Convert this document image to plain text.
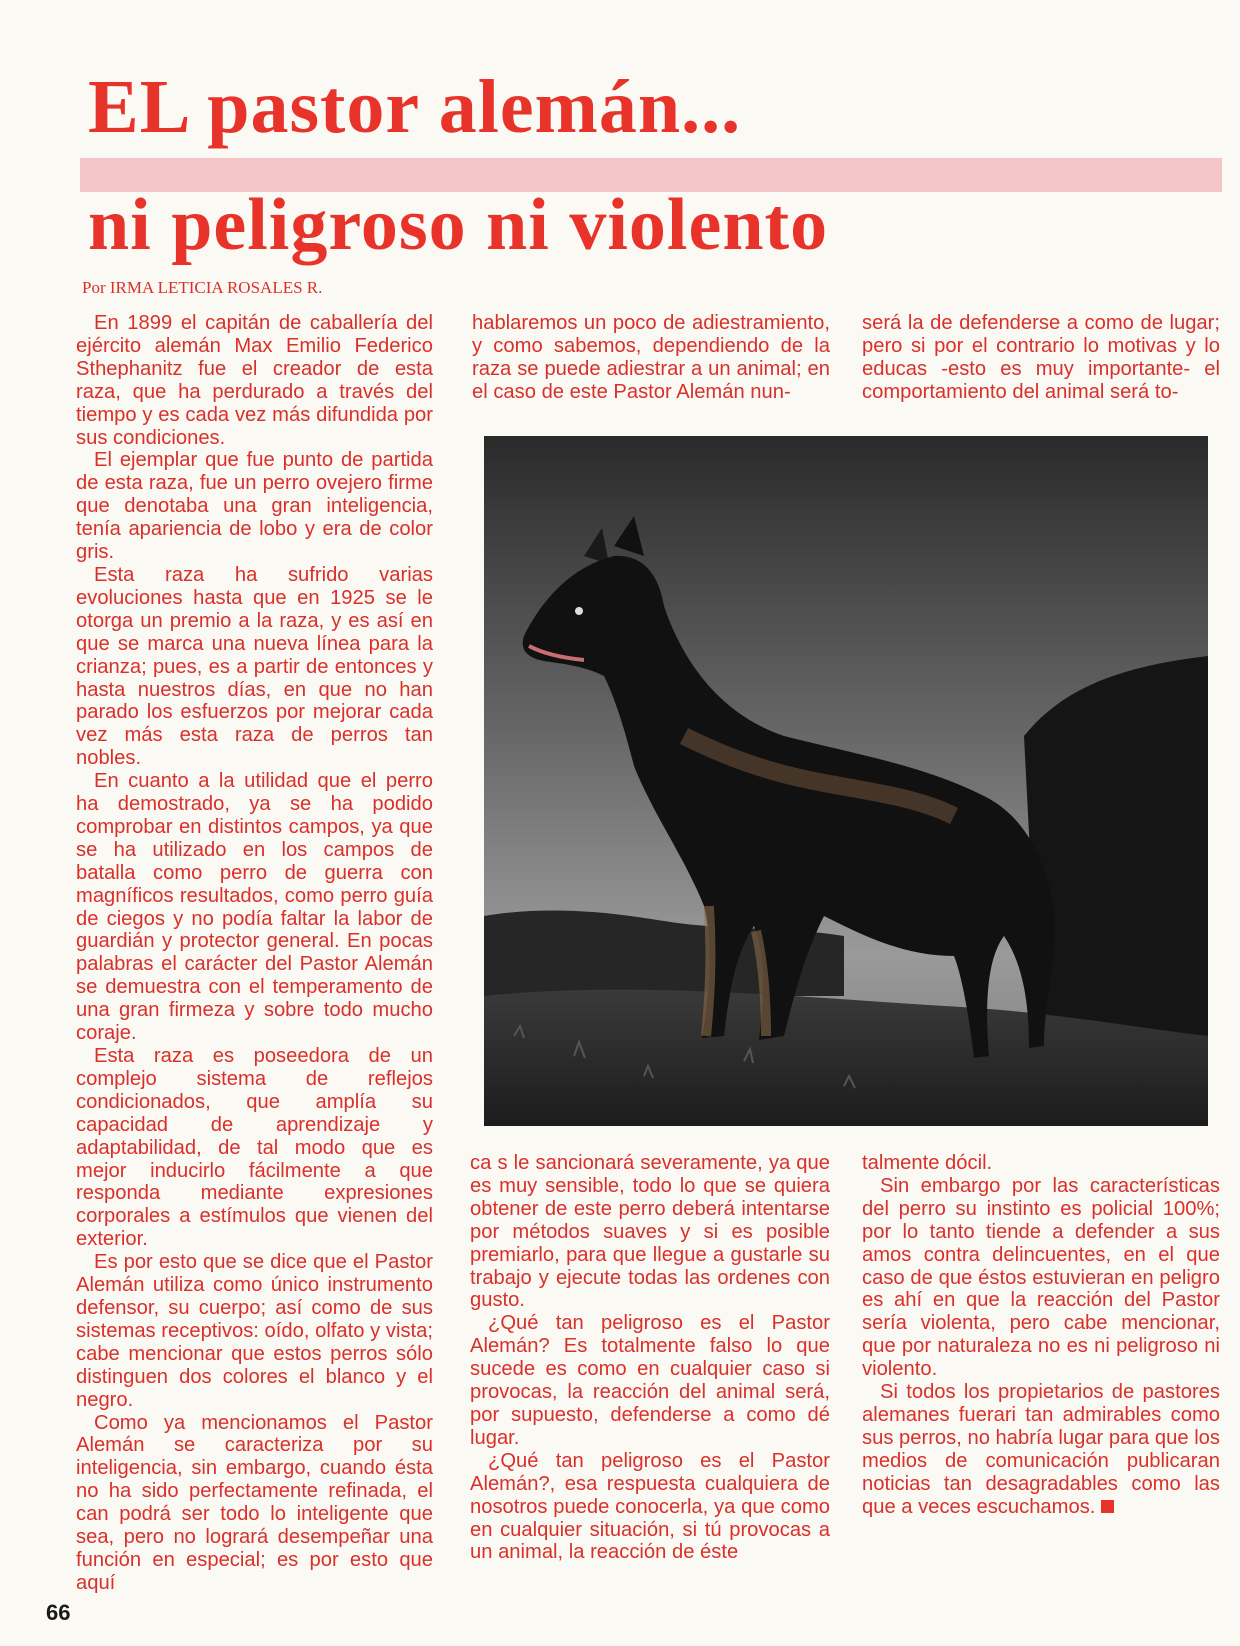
EL pastor alemán...
ni peligroso ni violento

Por IRMA LETICIA ROSALES R.

En 1899 el capitán de caballería del ejército alemán Max Emilio Federico Sthephanitz fue el creador de esta raza, que ha perdurado a través del tiempo y es cada vez más difundida por sus condiciones.

El ejemplar que fue punto de partida de esta raza, fue un perro ovejero firme que denotaba una gran inteligencia, tenía apariencia de lobo y era de color gris.

Esta raza ha sufrido varias evoluciones hasta que en 1925 se le otorga un premio a la raza, y es así en que se marca una nueva línea para la crianza; pues, es a partir de entonces y hasta nuestros días, en que no han parado los esfuerzos por mejorar cada vez más esta raza de perros tan nobles.

En cuanto a la utilidad que el perro ha demostrado, ya se ha podido comprobar en distintos campos, ya que se ha utilizado en los campos de batalla como perro de guerra con magníficos resultados, como perro guía de ciegos y no podía faltar la labor de guardián y protector general. En pocas palabras el carácter del Pastor Alemán se demuestra con el temperamento de una gran firmeza y sobre todo mucho coraje.

Esta raza es poseedora de un complejo sistema de reflejos condicionados, que amplía su capacidad de aprendizaje y adaptabilidad, de tal modo que es mejor inducirlo fácilmente a que responda mediante expresiones corporales a estímulos que vienen del exterior.

Es por esto que se dice que el Pastor Alemán utiliza como único instrumento defensor, su cuerpo; así como de sus sistemas receptivos: oído, olfato y vista; cabe mencionar que estos perros sólo distinguen dos colores el blanco y el negro.

Como ya mencionamos el Pastor Alemán se caracteriza por su inteligencia, sin embargo, cuando ésta no ha sido perfectamente refinada, el can podrá ser todo lo inteligente que sea, pero no logrará desempeñar una función en especial; es por esto que aquí

hablaremos un poco de adiestramiento, y como sabemos, dependiendo de la raza se puede adiestrar a un animal; en el caso de este Pastor Alemán nun-

será la de defenderse a como de lugar; pero si por el contrario lo motivas y lo educas -esto es muy importante- el comportamiento del animal será to-

ca s le sancionará severamente, ya que es muy sensible, todo lo que se quiera obtener de este perro deberá intentarse por métodos suaves y si es posible premiarlo, para que llegue a gustarle su trabajo y ejecute todas las ordenes con gusto.

¿Qué tan peligroso es el Pastor Alemán? Es totalmente falso lo que sucede es como en cualquier caso si provocas, la reacción del animal será, por supuesto, defenderse a como dé lugar.

¿Qué tan peligroso es el Pastor Alemán?, esa respuesta cualquiera de nosotros puede conocerla, ya que como en cualquier situación, si tú provocas a un animal, la reacción de éste

talmente dócil.

Sin embargo por las características del perro su instinto es policial 100%; por lo tanto tiende a defender a sus amos contra delincuentes, en el que caso de que éstos estuvieran en peligro es ahí en que la reacción del Pastor sería violenta, pero cabe mencionar, que por naturaleza no es ni peligroso ni violento.

Si todos los propietarios de pastores alemanes fuerari tan admirables como sus perros, no habría lugar para que los medios de comunicación publicaran noticias tan desagradables como las que a veces escuchamos.

66
